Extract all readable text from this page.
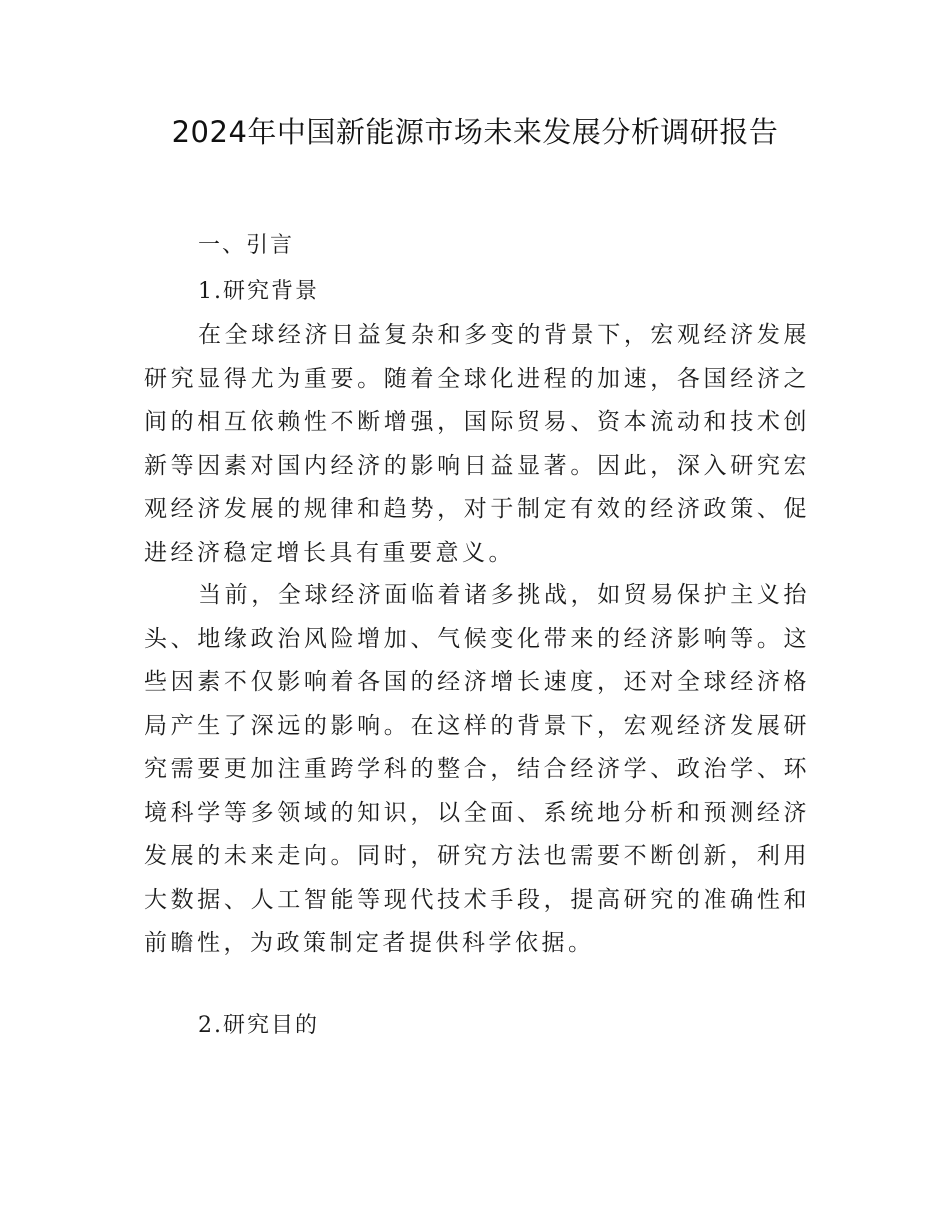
2024年中国新能源市场未来发展分析调研报告
一、引言
1.研究背景

在全球经济日益复杂和多变的背景下，宏观经济发展研究显得尤为重要。随着全球化进程的加速，各国经济之间的相互依赖性不断增强，国际贸易、资本流动和技术创新等因素对国内经济的影响日益显著。因此，深入研究宏观经济发展的规律和趋势，对于制定有效的经济政策、促进经济稳定增长具有重要意义。

当前，全球经济面临着诸多挑战，如贸易保护主义抬头、地缘政治风险增加、气候变化带来的经济影响等。这些因素不仅影响着各国的经济增长速度，还对全球经济格局产生了深远的影响。在这样的背景下，宏观经济发展研究需要更加注重跨学科的整合，结合经济学、政治学、环境科学等多领域的知识，以全面、系统地分析和预测经济发展的未来走向。同时，研究方法也需要不断创新，利用大数据、人工智能等现代技术手段，提高研究的准确性和前瞻性，为政策制定者提供科学依据。

2.研究目的
